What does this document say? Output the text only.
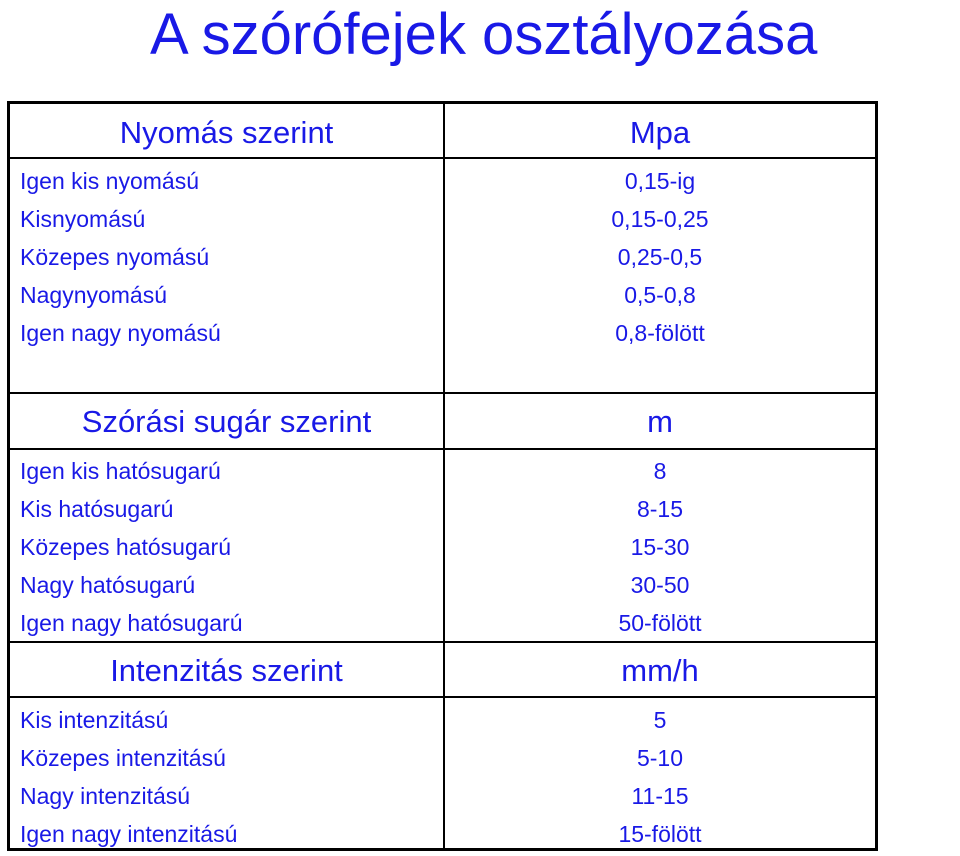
A szórófejek osztályozása
Nyomás szerint	Mpa
Igen kis nyomású	0,15-ig
Kisnyomású	0,15-0,25
Közepes nyomású	0,25-0,5
Nagynyomású	0,5-0,8
Igen nagy nyomású	0,8-fölött
Szórási sugár szerint	m
Igen kis hatósugarú	8
Kis hatósugarú	8-15
Közepes hatósugarú	15-30
Nagy hatósugarú	30-50
Igen nagy hatósugarú	50-fölött
Intenzitás szerint	mm/h
Kis intenzitású	5
Közepes intenzitású	5-10
Nagy intenzitású	11-15
Igen nagy intenzitású	15-fölött
